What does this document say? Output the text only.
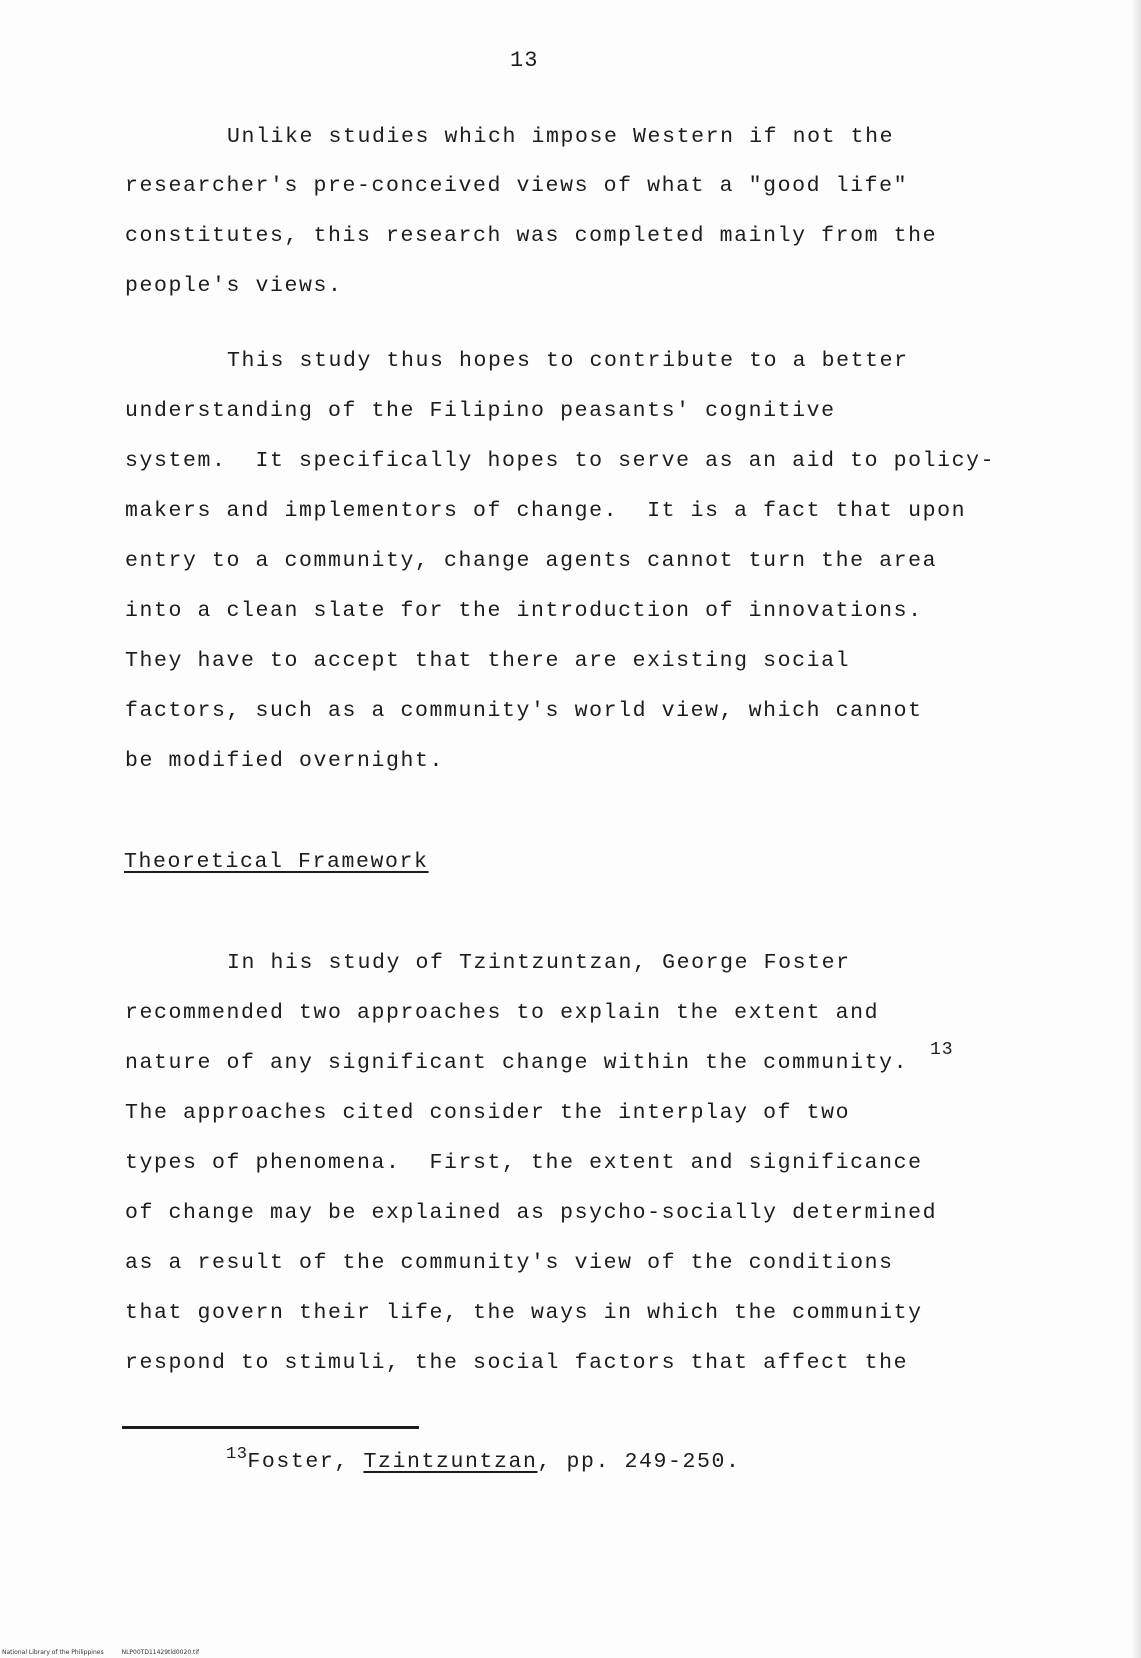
13
Unlike studies which impose Western if not the
researcher's pre-conceived views of what a "good life"
constitutes, this research was completed mainly from the
people's views.
This study thus hopes to contribute to a better
understanding of the Filipino peasants' cognitive
system.  It specifically hopes to serve as an aid to policy-
makers and implementors of change.  It is a fact that upon
entry to a community, change agents cannot turn the area
into a clean slate for the introduction of innovations.
They have to accept that there are existing social
factors, such as a community's world view, which cannot
be modified overnight.
Theoretical Framework
In his study of Tzintzuntzan, George Foster
recommended two approaches to explain the extent and
nature of any significant change within the community.
The approaches cited consider the interplay of two
types of phenomena.  First, the extent and significance
of change may be explained as psycho-socially determined
as a result of the community's view of the conditions
that govern their life, the ways in which the community
respond to stimuli, the social factors that affect the
13
$^{13}$Foster, Tzintzuntzan, pp. 249-250.
National Library of the Philippines	NLP00TD11429tld0020.tif
